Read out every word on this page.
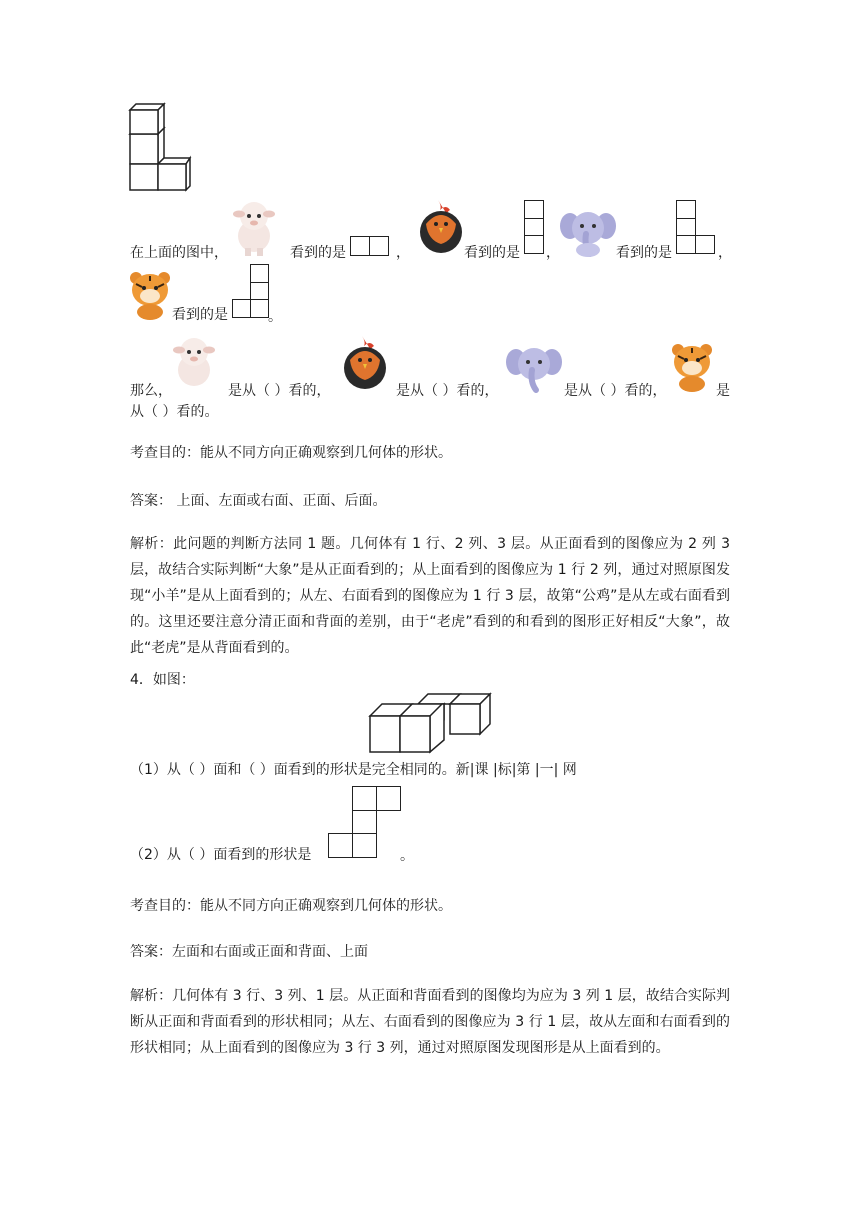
在上面的图中，	看到的是	，	看到的是 ，	看到的是	，
看到的是	。
那么，	是从（ ）看的，	是从（ ）看的，	是从（ ）看的，	是
从（ ）看的。
考查目的：能从不同方向正确观察到几何体的形状。
答案： 上面、左面或右面、正面、后面。
解析：此问题的判断方法同 1 题。几何体有 1 行、2 列、3 层。从正面看到的图像应为 2 列 3 层，故结合实际判断“大象”是从正面看到的；从上面看到的图像应为 1 行 2 列，通过对照原图发现“小羊”是从上面看到的；从左、右面看到的图像应为 1 行 3 层，故第“公鸡”是从左或右面看到的。这里还要注意分清正面和背面的差别，由于“老虎”看到的和看到的图形正好相反“大象”，故此“老虎”是从背面看到的。
4．如图：
（1）从（ ）面和（ ）面看到的形状是完全相同的。新|课 |标|第 |一| 网
（2）从（ ）面看到的形状是	。
考查目的：能从不同方向正确观察到几何体的形状。
答案：左面和右面或正面和背面、上面
解析：几何体有 3 行、3 列、1 层。从正面和背面看到的图像均为应为 3 列 1 层，故结合实际判断从正面和背面看到的形状相同；从左、右面看到的图像应为 3 行 1 层，故从左面和右面看到的形状相同；从上面看到的图像应为 3 行 3 列，通过对照原图发现图形是从上面看到的。
